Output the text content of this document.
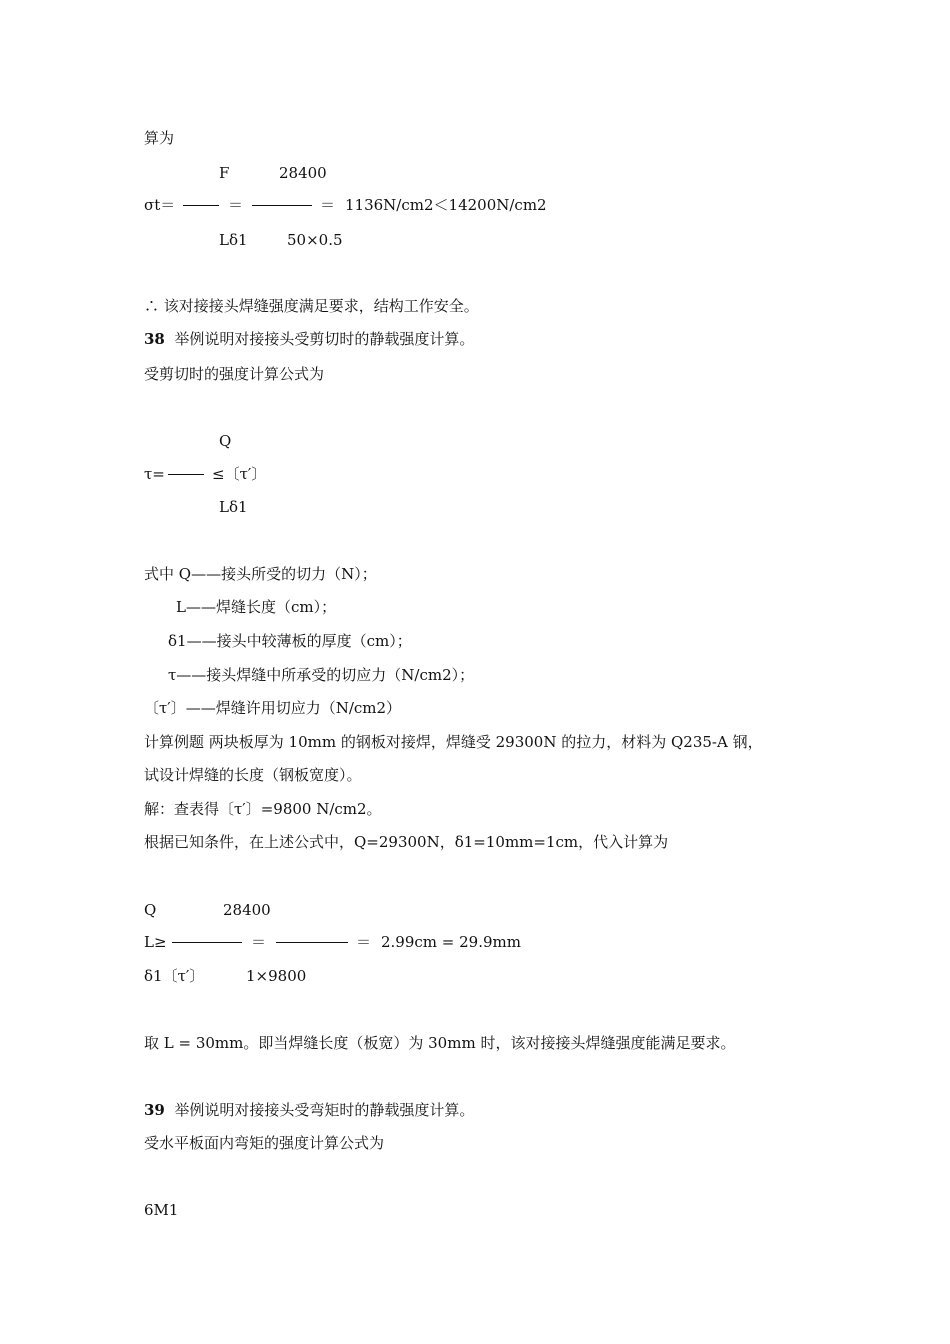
算为
F	28400
σt＝	＝	＝ 1136N/cm2＜14200N/cm2
Lδ1	50×0.5
∴ 该对接接头焊缝强度满足要求，结构工作安全。
38 举例说明对接接头受剪切时的静载强度计算。
受剪切时的强度计算公式为
Q
τ=	≤〔τ′〕
Lδ1
式中 Q——接头所受的切力（N）；
L——焊缝长度（cm）；
δ1——接头中较薄板的厚度（cm）；
τ——接头焊缝中所承受的切应力（N/cm2）；
〔τ′〕——焊缝许用切应力（N/cm2）
计算例题 两块板厚为 10mm 的钢板对接焊，焊缝受 29300N 的拉力，材料为 Q235-A 钢，
试设计焊缝的长度（钢板宽度）。
解：查表得〔τ′〕=9800 N/cm2。
根据已知条件，在上述公式中，Q=29300N，δ1=10mm=1cm，代入计算为
Q	28400
L≥	＝	＝ 2.99cm = 29.9mm
δ1〔τ′〕	1×9800
取 L = 30mm。即当焊缝长度（板宽）为 30mm 时，该对接接头焊缝强度能满足要求。
39 举例说明对接接头受弯矩时的静载强度计算。
受水平板面内弯矩的强度计算公式为
6M1
